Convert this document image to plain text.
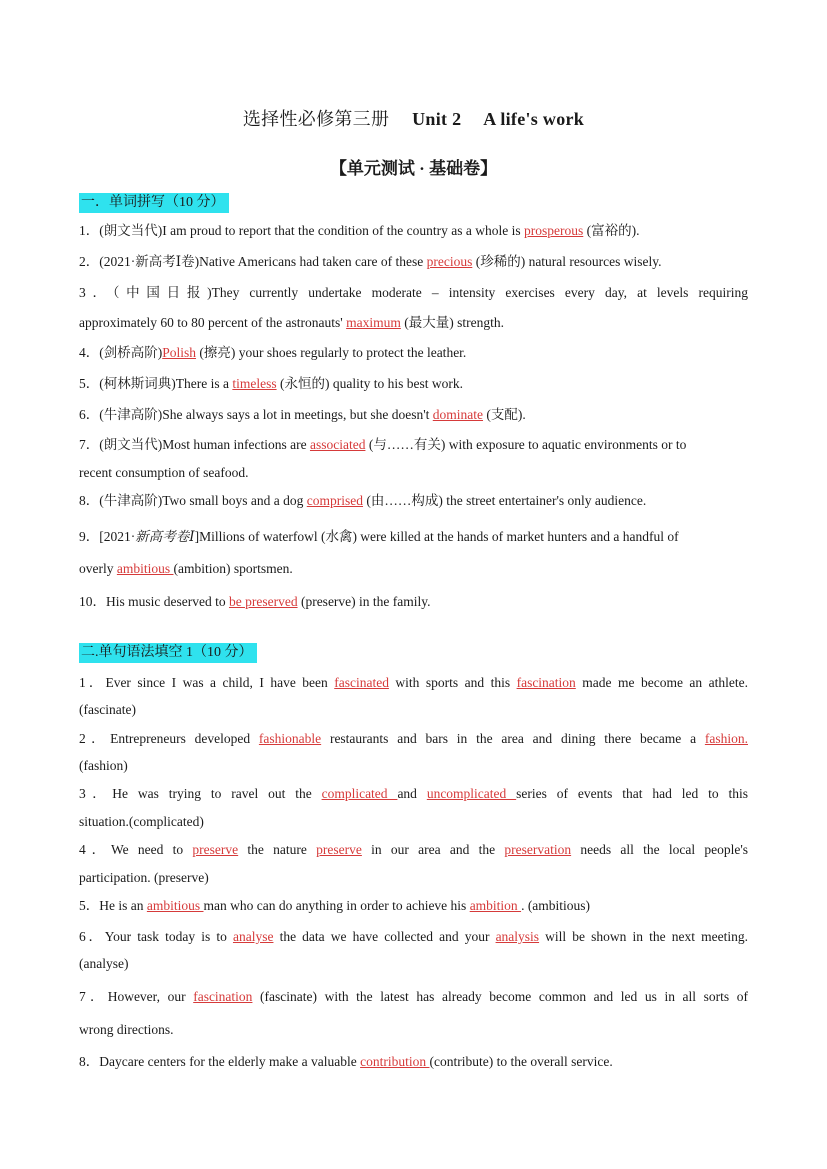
选择性必修第三册 Unit 2 A life's work
【单元测试 · 基础卷】
一．单词拼写（10 分）
1．(朗文当代)I am proud to report that the condition of the country as a whole is prosperous (富裕的).
2．(2021·新高考Ⅰ卷)Native Americans had taken care of these precious (珍稀的) natural resources wisely.
3．（中国日报)They currently undertake moderate – intensity exercises every day, at levels requiring
approximately 60 to 80 percent of the astronauts' maximum (最大量) strength.
4．(剑桥高阶)Polish (擦亮) your shoes regularly to protect the leather.
5．(柯林斯词典)There is a timeless (永恒的) quality to his best work.
6．(牛津高阶)She always says a lot in meetings, but she doesn't dominate (支配).
7．(朗文当代)Most human infections are associated (与……有关) with exposure to aquatic environments or to
recent consumption of seafood.
8．(牛津高阶)Two small boys and a dog comprised (由……构成) the street entertainer's only audience.
9．[2021·新高考卷Ⅰ]Millions of waterfowl (水禽) were killed at the hands of market hunters and a handful of
overly ambitious (ambition) sportsmen.
10．His music deserved to be preserved (preserve) in the family.
二.单句语法填空 1（10 分）
1．Ever since I was a child, I have been fascinated with sports and this fascination made me become an athlete.
(fascinate)
2．Entrepreneurs developed fashionable restaurants and bars in the area and dining there became a fashion.
(fashion)
3．He was trying to ravel out the complicated and uncomplicated series of events that had led to this
situation.(complicated)
4．We need to preserve the nature preserve in our area and the preservation needs all the local people's
participation. (preserve)
5．He is an ambitious man who can do anything in order to achieve his ambition . (ambitious)
6．Your task today is to analyse the data we have collected and your analysis will be shown in the next meeting.
(analyse)
7．However, our fascination (fascinate) with the latest has already become common and led us in all sorts of
wrong directions.
8．Daycare centers for the elderly make a valuable contribution (contribute) to the overall service.
